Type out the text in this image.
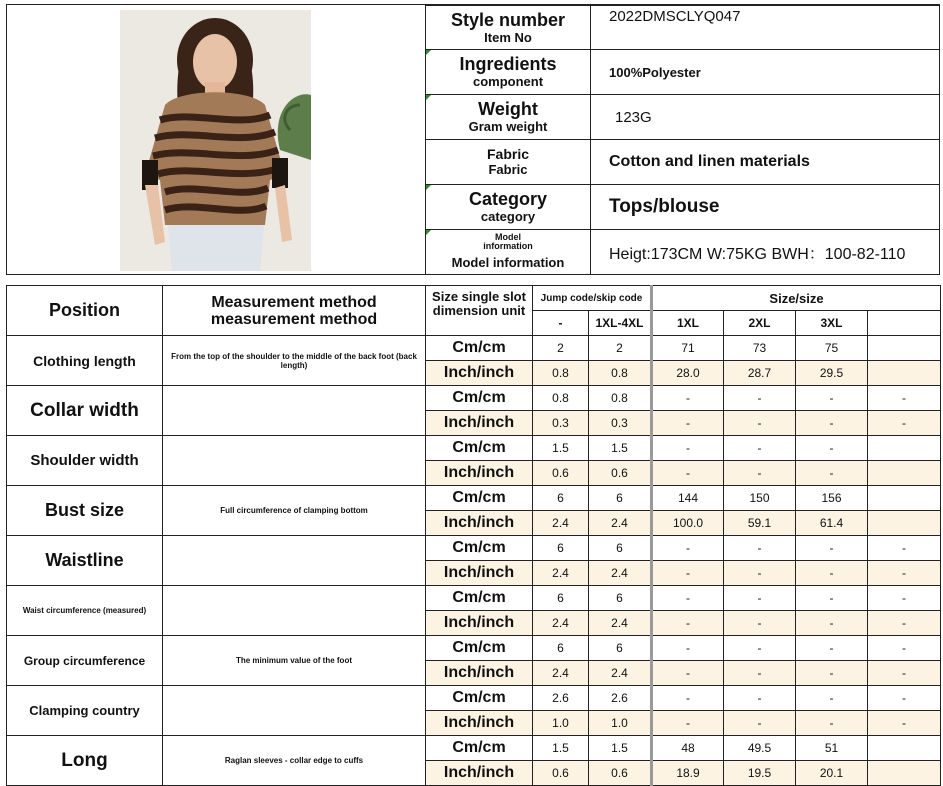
Style number
Item No	2022DMSCLYQ047

Ingredients
component	100%Polyester

Weight
Gram weight	123G

Fabric
Fabric	Cotton and linen materials

Category
category	Tops/blouse

Model
information
Model information	Heigt:173CM W:75KG BWH：100-82-110
Position	Measurement method measurement method	Size single slot dimension unit	Jump code/skip code		Size/size			
			-	1XL-4XL	1XL	2XL	3XL	
Clothing length	From the top of the shoulder to the middle of the back foot (back length)	Cm/cm	2	2	71	73	75	
		Inch/inch	0.8	0.8	28.0	28.7	29.5	
Collar width		Cm/cm	0.8	0.8	-	-	-	-
		Inch/inch	0.3	0.3	-	-	-	-
Shoulder width		Cm/cm	1.5	1.5	-	-	-	
		Inch/inch	0.6	0.6	-	-	-	
Bust size	Full circumference of clamping bottom	Cm/cm	6	6	144	150	156	
		Inch/inch	2.4	2.4	100.0	59.1	61.4	
Waistline		Cm/cm	6	6	-	-	-	-
		Inch/inch	2.4	2.4	-	-	-	-
Waist circumference (measured)		Cm/cm	6	6	-	-	-	-
		Inch/inch	2.4	2.4	-	-	-	-
Group circumference	The minimum value of the foot	Cm/cm	6	6	-	-	-	-
		Inch/inch	2.4	2.4	-	-	-	-
Clamping country		Cm/cm	2.6	2.6	-	-	-	-
		Inch/inch	1.0	1.0	-	-	-	-
Long	Raglan sleeves - collar edge to cuffs	Cm/cm	1.5	1.5	48	49.5	51	
		Inch/inch	0.6	0.6	18.9	19.5	20.1	
